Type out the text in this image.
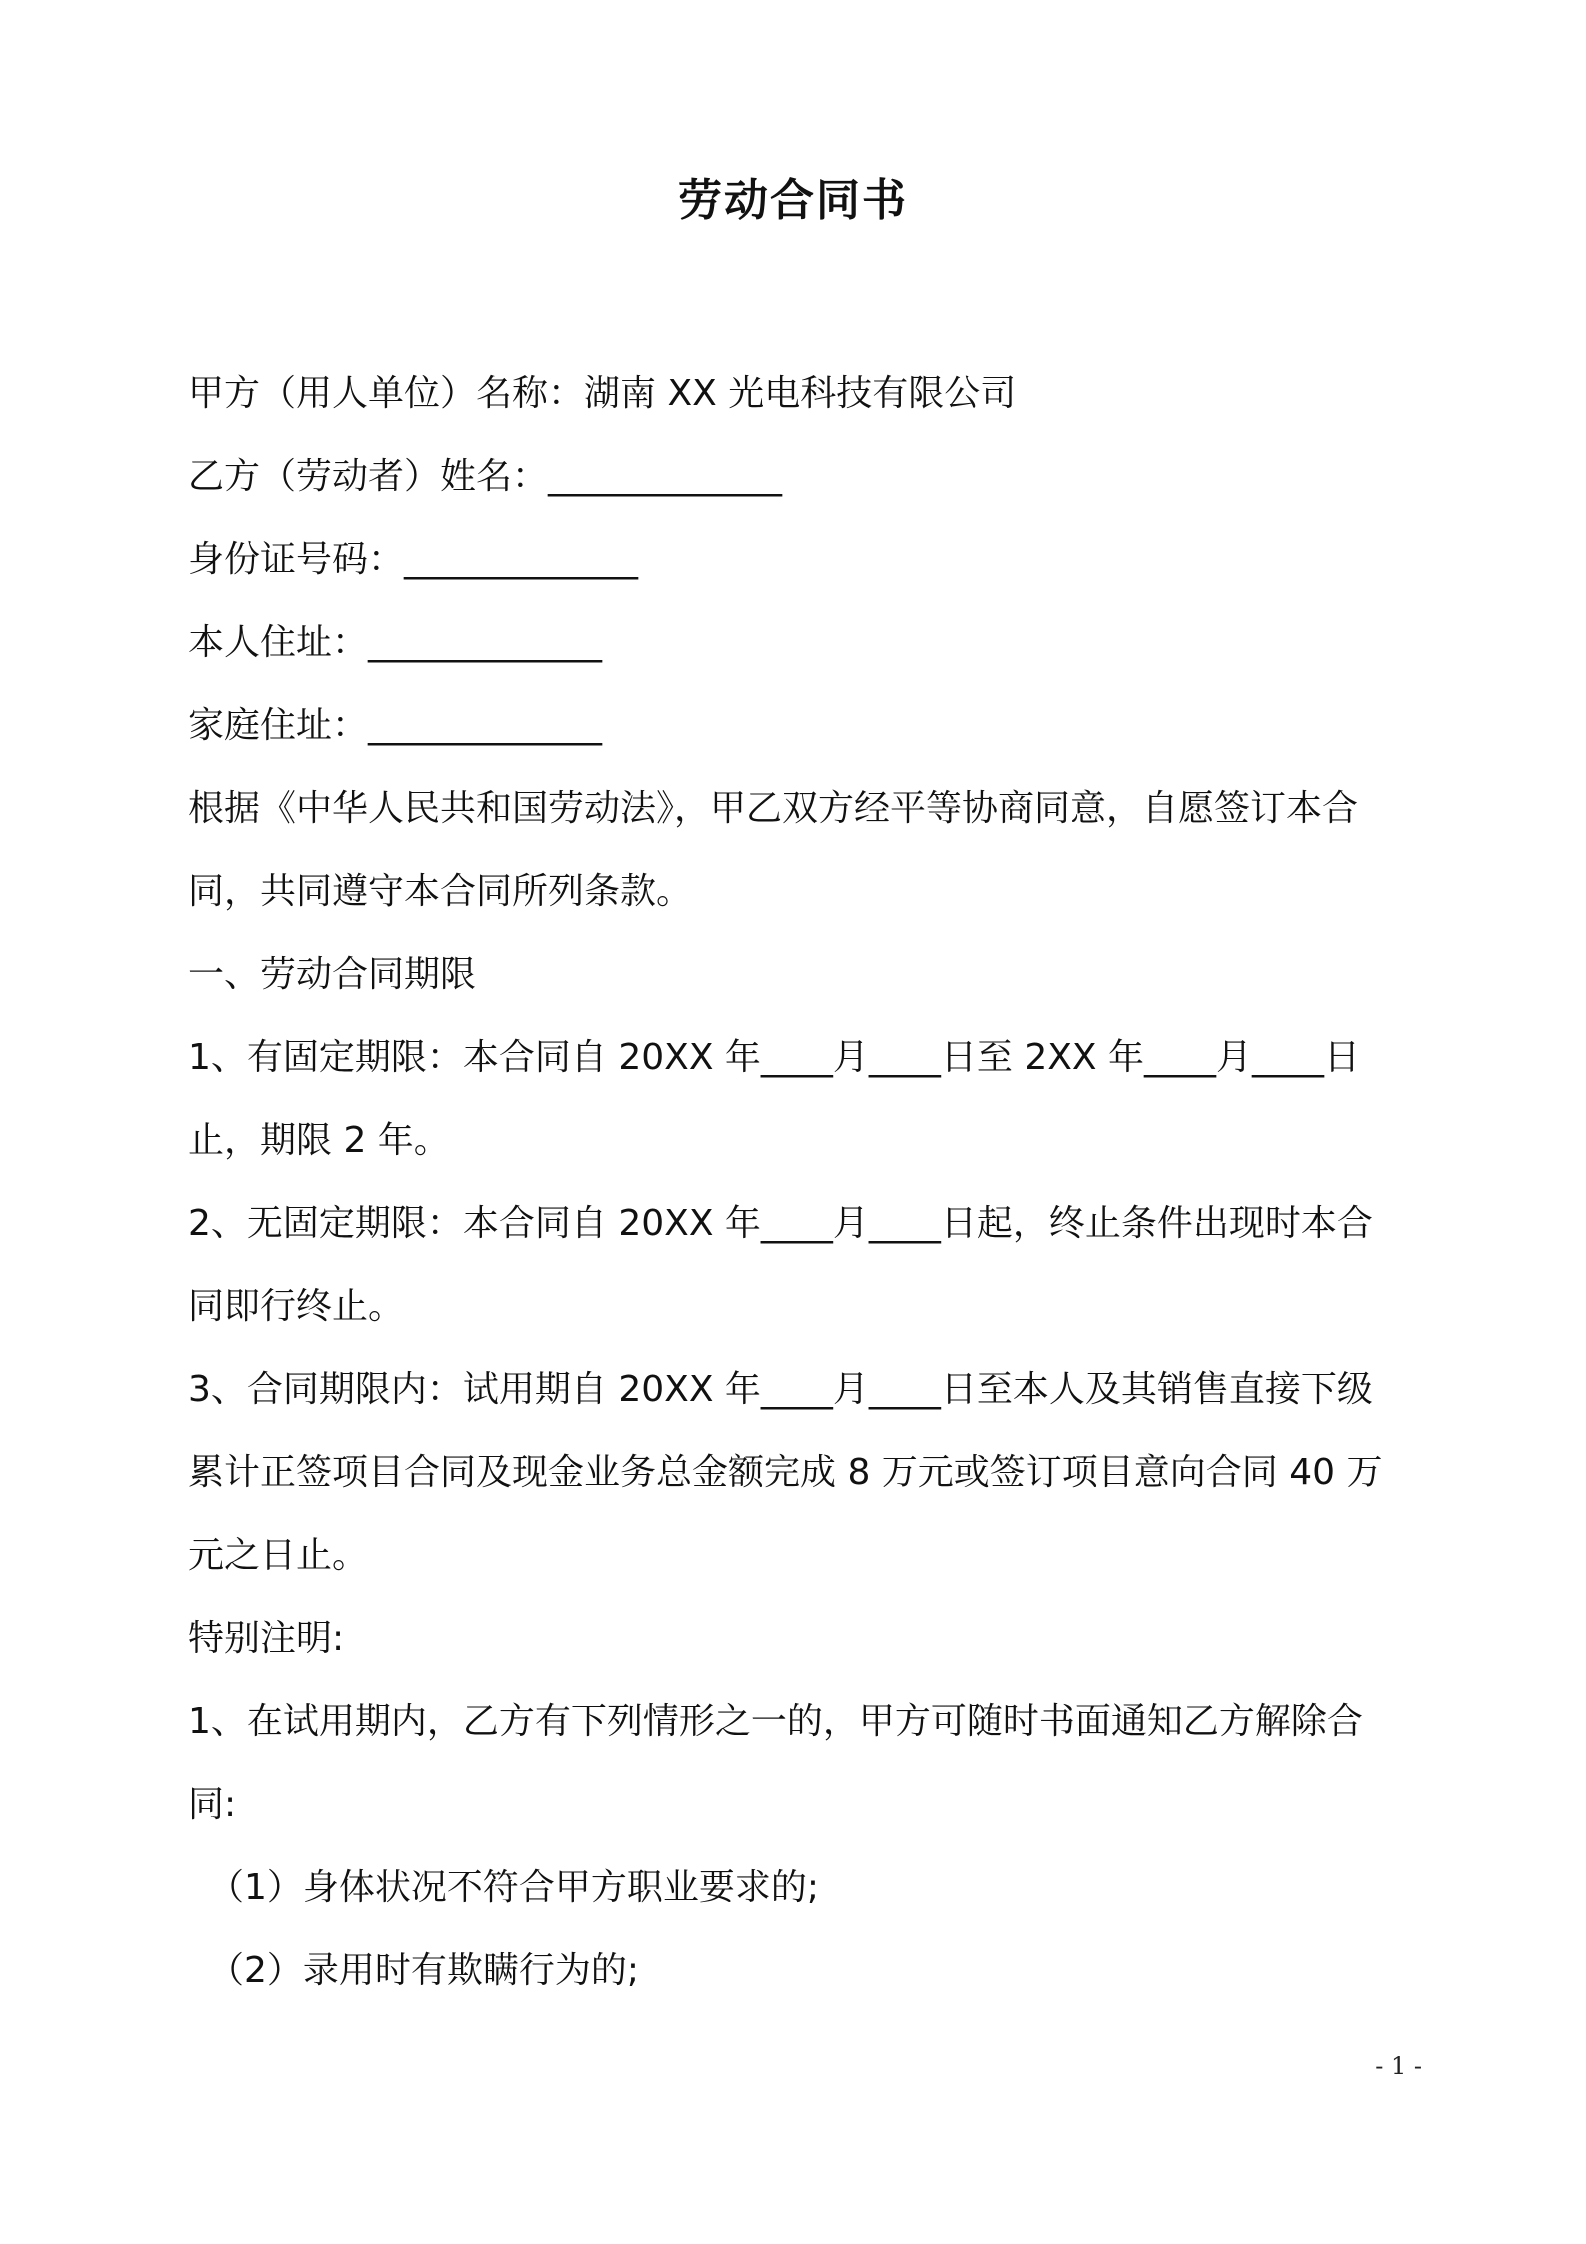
劳动合同书
甲方（用人单位）名称：湖南 XX 光电科技有限公司
乙方（劳动者）姓名：_____________
身份证号码：_____________
本人住址：_____________
家庭住址：_____________
根据《中华人民共和国劳动法》，甲乙双方经平等协商同意，自愿签订本合
同，共同遵守本合同所列条款。
一、劳动合同期限
1、有固定期限：本合同自 20XX 年____月____日至 2XX 年____月____日
止，期限 2 年。
2、无固定期限：本合同自 20XX 年____月____日起，终止条件出现时本合
同即行终止。
3、合同期限内：试用期自 20XX 年____月____日至本人及其销售直接下级
累计正签项目合同及现金业务总金额完成 8 万元或签订项目意向合同 40 万
元之日止。
特别注明:
1、在试用期内，乙方有下列情形之一的，甲方可随时书面通知乙方解除合
同:
（1）身体状况不符合甲方职业要求的;
（2）录用时有欺瞒行为的;
- 1 -
